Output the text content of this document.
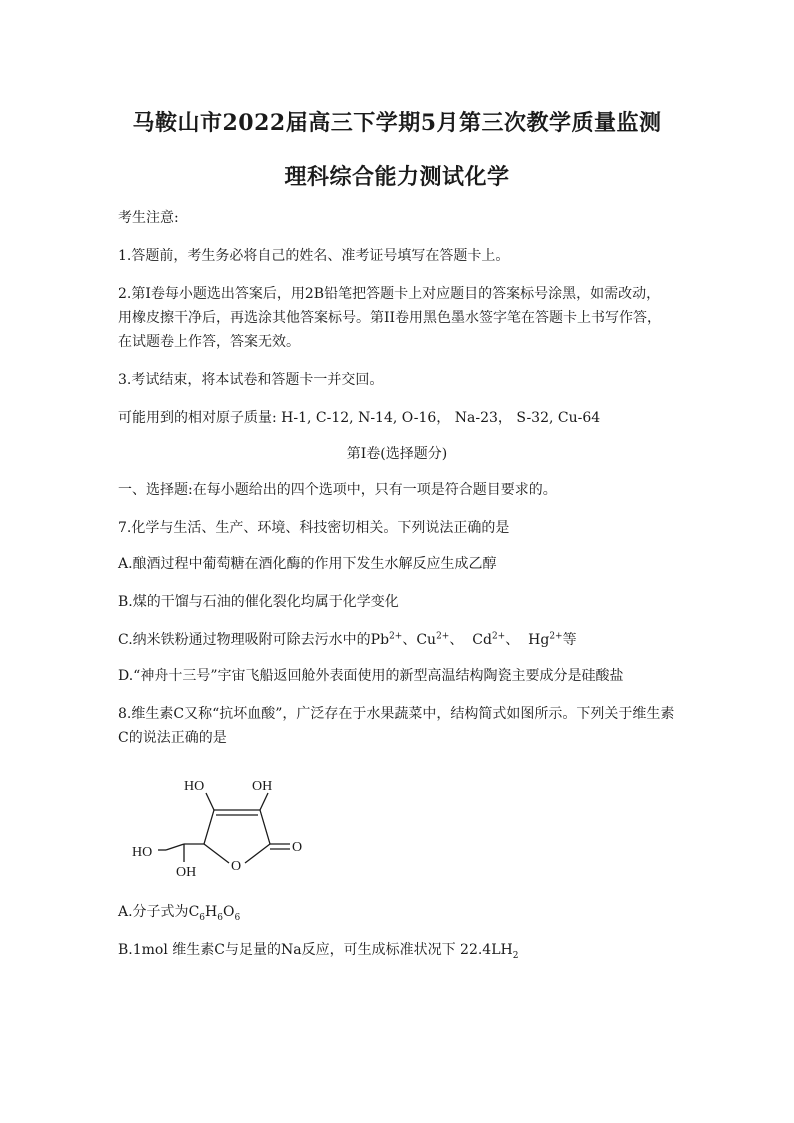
马鞍山市2022届高三下学期5月第三次教学质量监测
理科综合能力测试化学
考生注意:
1.答题前，考生务必将自己的姓名、准考证号填写在答题卡上。
2.第I卷每小题选出答案后，用2B铅笔把答题卡上对应题目的答案标号涂黑，如需改动，
用橡皮擦干净后，再选涂其他答案标号。第II卷用黑色墨水签字笔在答题卡上书写作答，
在试题卷上作答，答案无效。
3.考试结束，将本试卷和答题卡一并交回。
可能用到的相对原子质量: H-1, C-12, N-14, O-16， Na-23， S-32, Cu-64
第I卷(选择题分)
一、选择题:在每小题给出的四个选项中，只有一项是符合题目要求的。
7.化学与生活、生产、环境、科技密切相关。下列说法正确的是
A.酿酒过程中葡萄糖在酒化酶的作用下发生水解反应生成乙醇
B.煤的干馏与石油的催化裂化均属于化学变化
C.纳米铁粉通过物理吸附可除去污水中的$Pb^{2+}$、$Cu^{2+}$、  $Cd^{2+}$、  $Hg^{2+}$等
D.“神舟十三号”宇宙飞船返回舱外表面使用的新型高温结构陶瓷主要成分是硅酸盐
8.维生素C又称“抗坏血酸”，广泛存在于水果蔬菜中，结构简式如图所示。下列关于维生素
C的说法正确的是
HO	OH
HO
OH O
O
A.分子式为$C_6H_6O_6$
B.1mol 维生素C与足量的Na反应，可生成标准状况下 $22.4LH_2$
